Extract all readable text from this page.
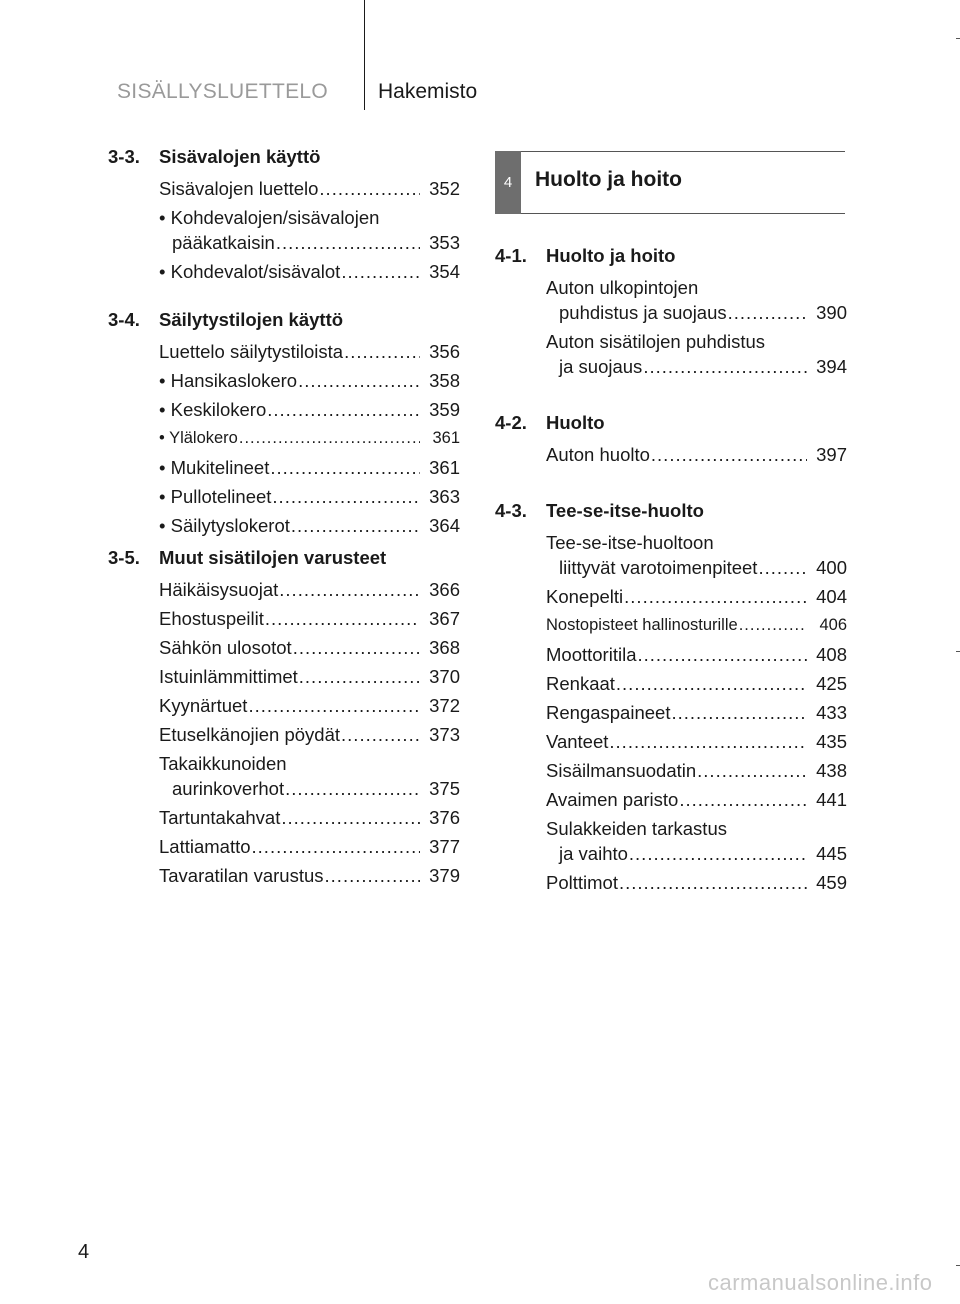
SISÄLLYSLUETTELO Hakemisto
3-3. Sisävalojen käyttö
Sisävalojen luettelo .....	352
• Kohdevalojen/sisävalojen
pääkatkaisin .....	353
• Kohdevalot/sisävalot .....	354
3-4. Säilytystilojen käyttö
Luettelo säilytystiloista .....	356
• Hansikaslokero .....	358
• Keskilokero .....	359
• Ylälokero .....	361
• Mukitelineet .....	361
• Pullotelineet .....	363
• Säilytyslokerot .....	364
3-5. Muut sisätilojen varusteet
Häikäisysuojat .....	366
Ehostuspeilit .....	367
Sähkön ulosotot .....	368
Istuinlämmittimet .....	370
Kyynärtuet .....	372
Etuselkänojien pöydät .....	373
Takaikkunoiden
aurinkoverhot .....	375
Tartuntakahvat .....	376
Lattiamatto .....	377
Tavaratilan varustus .....	379
4	Huolto ja hoito
4-1. Huolto ja hoito
Auton ulkopintojen
puhdistus ja suojaus .....	390
Auton sisätilojen puhdistus
ja suojaus .....	394
4-2. Huolto
Auton huolto .....	397
4-3. Tee-se-itse-huolto
Tee-se-itse-huoltoon
liittyvät varotoimenpiteet .....	400
Konepelti .....	404
Nostopisteet hallinosturille .....	406
Moottoritila .....	408
Renkaat .....	425
Rengaspaineet .....	433
Vanteet .....	435
Sisäilmansuodatin .....	438
Avaimen paristo .....	441
Sulakkeiden tarkastus
ja vaihto .....	445
Polttimot .....	459
4
carmanualsonline.info
